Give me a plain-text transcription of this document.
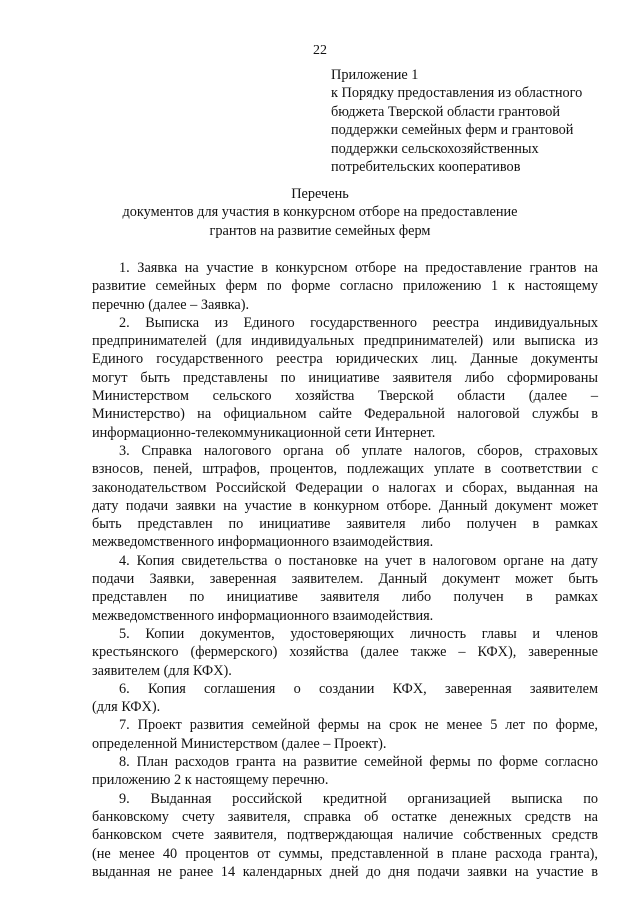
22
Приложение 1
к Порядку предоставления из областного
бюджета Тверской области грантовой
поддержки семейных ферм и грантовой
поддержки сельскохозяйственных
потребительских кооперативов
Перечень
документов для участия в конкурсном отборе на предоставление
грантов на развитие семейных ферм
1. Заявка на участие в конкурсном отборе на предоставление грантов на
развитие семейных ферм по форме согласно приложению 1 к настоящему
перечню (далее – Заявка).
2. Выписка из Единого государственного реестра индивидуальных
предпринимателей (для индивидуальных предпринимателей) или выписка из
Единого государственного реестра юридических лиц. Данные документы
могут быть представлены по инициативе заявителя либо сформированы
Министерством сельского хозяйства Тверской области (далее –
Министерство) на официальном сайте Федеральной налоговой службы в
информационно-телекоммуникационной сети Интернет.
3. Справка налогового органа об уплате налогов, сборов, страховых
взносов, пеней, штрафов, процентов, подлежащих уплате в соответствии с
законодательством Российской Федерации о налогах и сборах, выданная на
дату подачи заявки на участие в конкурном отборе. Данный документ может
быть представлен по инициативе заявителя либо получен в рамках
межведомственного информационного взаимодействия.
4. Копия свидетельства о постановке на учет в налоговом органе на дату
подачи Заявки, заверенная заявителем. Данный документ может быть
представлен по инициативе заявителя либо получен в рамках
межведомственного информационного взаимодействия.
5. Копии документов, удостоверяющих личность главы и членов
крестьянского (фермерского) хозяйства (далее также – КФХ), заверенные
заявителем (для КФХ).
6. Копия соглашения о создании КФХ, заверенная заявителем
(для КФХ).
7. Проект развития семейной фермы на срок не менее 5 лет по форме,
определенной Министерством (далее – Проект).
8. План расходов гранта на развитие семейной фермы по форме согласно
приложению 2 к настоящему перечню.
9. Выданная российской кредитной организацией выписка по
банковскому счету заявителя, справка об остатке денежных средств на
банковском счете заявителя, подтверждающая наличие собственных средств
(не менее 40 процентов от суммы, представленной в плане расхода гранта),
выданная не ранее 14 календарных дней до дня подачи заявки на участие в
